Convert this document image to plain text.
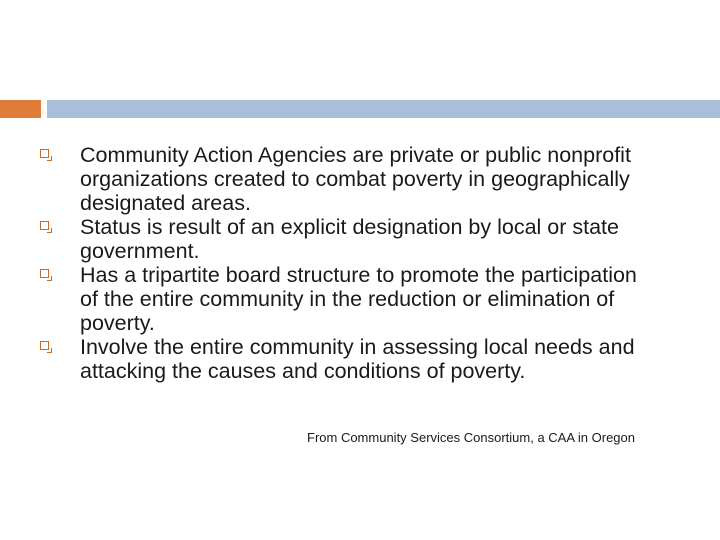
Community Action Agencies are private or public nonprofit organizations created to combat poverty in geographically designated areas.
Status is result of an explicit designation by local or state government.
Has a tripartite board structure to promote the participation of the entire community in the reduction or elimination of poverty.
Involve the entire community in assessing local needs and attacking the causes and conditions of poverty.
From Community Services Consortium, a CAA in Oregon
